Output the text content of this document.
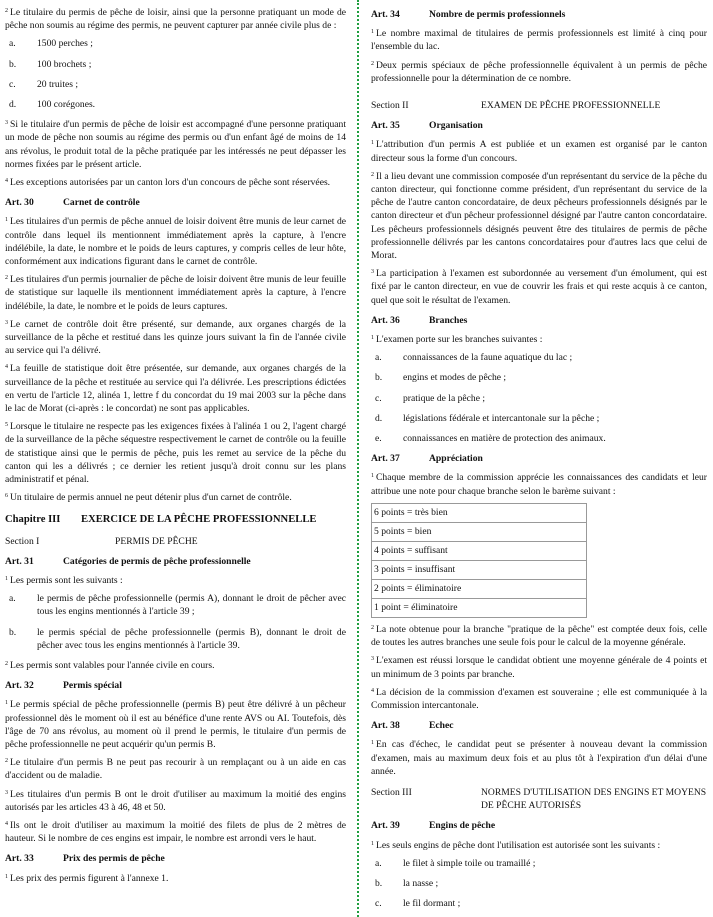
$^2$ Le titulaire du permis de pêche de loisir, ainsi que la personne pratiquant un mode de pêche non soumis au régime des permis, ne peuvent capturer par année civile plus de :

a.	1500 perches ;
b.	100 brochets ;
c.	20 truites ;
d.	100 corégones.

$^3$ Si le titulaire d'un permis de pêche de loisir est accompagné d'une personne pratiquant un mode de pêche non soumis au régime des permis ou d'un enfant âgé de moins de 14 ans révolus, le produit total de la pêche pratiquée par les intéressés ne peut dépasser les normes fixées par le présent article.

$^4$ Les exceptions autorisées par un canton lors d'un concours de pêche sont réservées.

Art. 30	Carnet de contrôle

$^1$ Les titulaires d'un permis de pêche annuel de loisir doivent être munis de leur carnet de contrôle dans lequel ils mentionnent immédiatement après la capture, à l'encre indélébile, la date, le nombre et le poids de leurs captures, y compris celles de leur hôte, conformément aux indications figurant dans le carnet de contrôle.

$^2$ Les titulaires d'un permis journalier de pêche de loisir doivent être munis de leur feuille de statistique sur laquelle ils mentionnent immédiatement après la capture, à l'encre indélébile, la date, le nombre et le poids de leurs captures.

$^3$ Le carnet de contrôle doit être présenté, sur demande, aux organes chargés de la surveillance de la pêche et restitué dans les quinze jours suivant la fin de l'année civile au service qui l'a délivré.

$^4$ La feuille de statistique doit être présentée, sur demande, aux organes chargés de la surveillance de la pêche et restituée au service qui l'a délivrée. Les prescriptions édictées en vertu de l'article 12, alinéa 1, lettre f du concordat du 19 mai 2003 sur la pêche dans le lac de Morat (ci-après : le concordat) ne sont pas applicables.

$^5$ Lorsque le titulaire ne respecte pas les exigences fixées à l'alinéa 1 ou 2, l'agent chargé de la surveillance de la pêche séquestre respectivement le carnet de contrôle ou la feuille de statistique ainsi que le permis de pêche, puis les remet au service de la pêche du canton qui les a délivrés ; ce dernier les retient jusqu'à droit connu sur les plans administratif et pénal.

$^6$ Un titulaire de permis annuel ne peut détenir plus d'un carnet de contrôle.

Chapitre III	EXERCICE DE LA PÊCHE PROFESSIONNELLE
Section I	PERMIS DE PÊCHE
Art. 31	Catégories de permis de pêche professionnelle

$^1$ Les permis sont les suivants :

a.	le permis de pêche professionnelle (permis A), donnant le droit de pêcher avec tous les engins mentionnés à l'article 39 ;
b.	le permis spécial de pêche professionnelle (permis B), donnant le droit de pêcher avec tous les engins mentionnés à l'article 39.

$^2$ Les permis sont valables pour l'année civile en cours.

Art. 32	Permis spécial

$^1$ Le permis spécial de pêche professionnelle (permis B) peut être délivré à un pêcheur professionnel dès le moment où il est au bénéfice d'une rente AVS ou AI. Toutefois, dès l'âge de 70 ans révolus, au moment où il prend le permis, le titulaire d'un permis de pêche professionnelle ne peut acquérir qu'un permis B.

$^2$ Le titulaire d'un permis B ne peut pas recourir à un remplaçant ou à un aide en cas d'accident ou de maladie.

$^3$ Les titulaires d'un permis B ont le droit d'utiliser au maximum la moitié des engins autorisés par les articles 43 à 46, 48 et 50.

$^4$ Ils ont le droit d'utiliser au maximum la moitié des filets de plus de 2 mètres de hauteur. Si le nombre de ces engins est impair, le nombre est arrondi vers le haut.

Art. 33	Prix des permis de pêche

$^1$ Les prix des permis figurent à l'annexe 1.

Art. 34	Nombre de permis professionnels

$^1$ Le nombre maximal de titulaires de permis professionnels est limité à cinq pour l'ensemble du lac.

$^2$ Deux permis spéciaux de pêche professionnelle équivalent à un permis de pêche professionnelle pour la détermination de ce nombre.

Section II	EXAMEN DE PÊCHE PROFESSIONNELLE
Art. 35	Organisation

$^1$ L'attribution d'un permis A est publiée et un examen est organisé par le canton directeur sous la forme d'un concours.

$^2$ Il a lieu devant une commission composée d'un représentant du service de la pêche du canton directeur, qui fonctionne comme président, d'un représentant du service de la pêche de l'autre canton concordataire, de deux pêcheurs professionnels désignés par le canton directeur et d'un pêcheur professionnel désigné par l'autre canton concordataire. Les pêcheurs professionnels désignés peuvent être des titulaires de permis de pêche professionnelle délivrés par les cantons concordataires pour d'autres lacs que celui de Morat.

$^3$ La participation à l'examen est subordonnée au versement d'un émolument, qui est fixé par le canton directeur, en vue de couvrir les frais et qui reste acquis à ce canton, quel que soit le résultat de l'examen.

Art. 36	Branches

$^1$ L'examen porte sur les branches suivantes :

a.	connaissances de la faune aquatique du lac ;
b.	engins et modes de pêche ;
c.	pratique de la pêche ;
d.	législations fédérale et intercantonale sur la pêche ;
e.	connaissances en matière de protection des animaux.
Art. 37	Appréciation

$^1$ Chaque membre de la commission apprécie les connaissances des candidats et leur attribue une note pour chaque branche selon le barème suivant :

6 points = très bien
5 points = bien
4 points = suffisant
3 points = insuffisant
2 points = éliminatoire
1 point = éliminatoire

$^2$ La note obtenue pour la branche "pratique de la pêche" est comptée deux fois, celle de toutes les autres branches une seule fois pour le calcul de la moyenne générale.

$^3$ L'examen est réussi lorsque le candidat obtient une moyenne générale de 4 points et un minimum de 3 points par branche.

$^4$ La décision de la commission d'examen est souveraine ; elle est communiquée à la Commission intercantonale.

Art. 38	Echec

$^1$ En cas d'échec, le candidat peut se présenter à nouveau devant la commission d'examen, mais au maximum deux fois et au plus tôt à l'expiration d'un délai d'une année.

Section III	NORMES D'UTILISATION DES ENGINS ET MOYENS DE PÊCHE AUTORISÉS
Art. 39	Engins de pêche

$^1$ Les seuls engins de pêche dont l'utilisation est autorisée sont les suivants :

a.	le filet à simple toile ou tramaillé ;
b.	la nasse ;
c.	le fil dormant ;
